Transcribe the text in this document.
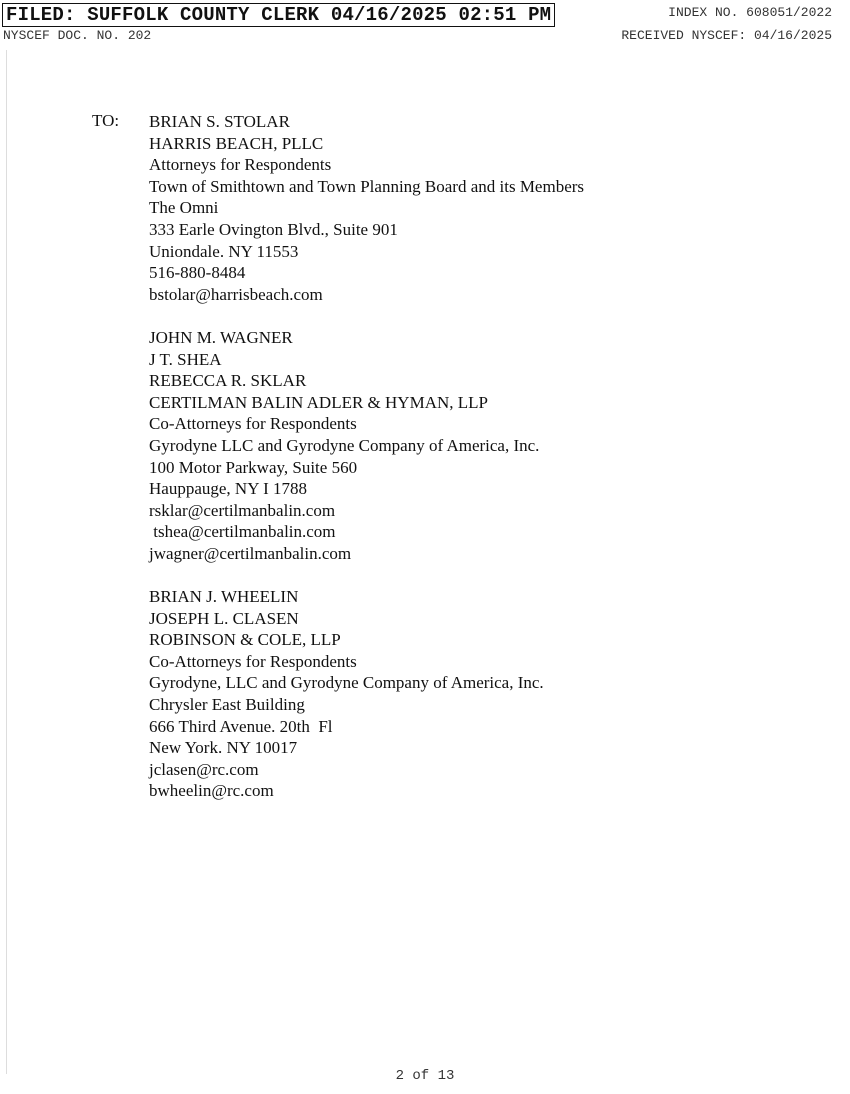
FILED: SUFFOLK COUNTY CLERK 04/16/2025 02:51 PM
NYSCEF DOC. NO. 202
INDEX NO. 608051/2022
RECEIVED NYSCEF: 04/16/2025
TO: BRIAN S. STOLAR
HARRIS BEACH, PLLC
Attorneys for Respondents
Town of Smithtown and Town Planning Board and its Members
The Omni
333 Earle Ovington Blvd., Suite 901
Uniondale. NY 11553
516-880-8484
bstolar@harrisbeach.com
JOHN M. WAGNER
J T. SHEA
REBECCA R. SKLAR
CERTILMAN BALIN ADLER & HYMAN, LLP
Co-Attorneys for Respondents
Gyrodyne LLC and Gyrodyne Company of America, Inc.
100 Motor Parkway, Suite 560
Hauppauge, NY I 1788
rsklar@certilmanbalin.com
tshea@certilmanbalin.com
jwagner@certilmanbalin.com
BRIAN J. WHEELIN
JOSEPH L. CLASEN
ROBINSON & COLE, LLP
Co-Attorneys for Respondents
Gyrodyne, LLC and Gyrodyne Company of America, Inc.
Chrysler East Building
666 Third Avenue. 20th  Fl
New York. NY 10017
jclasen@rc.com
bwheelin@rc.com
2 of 13
